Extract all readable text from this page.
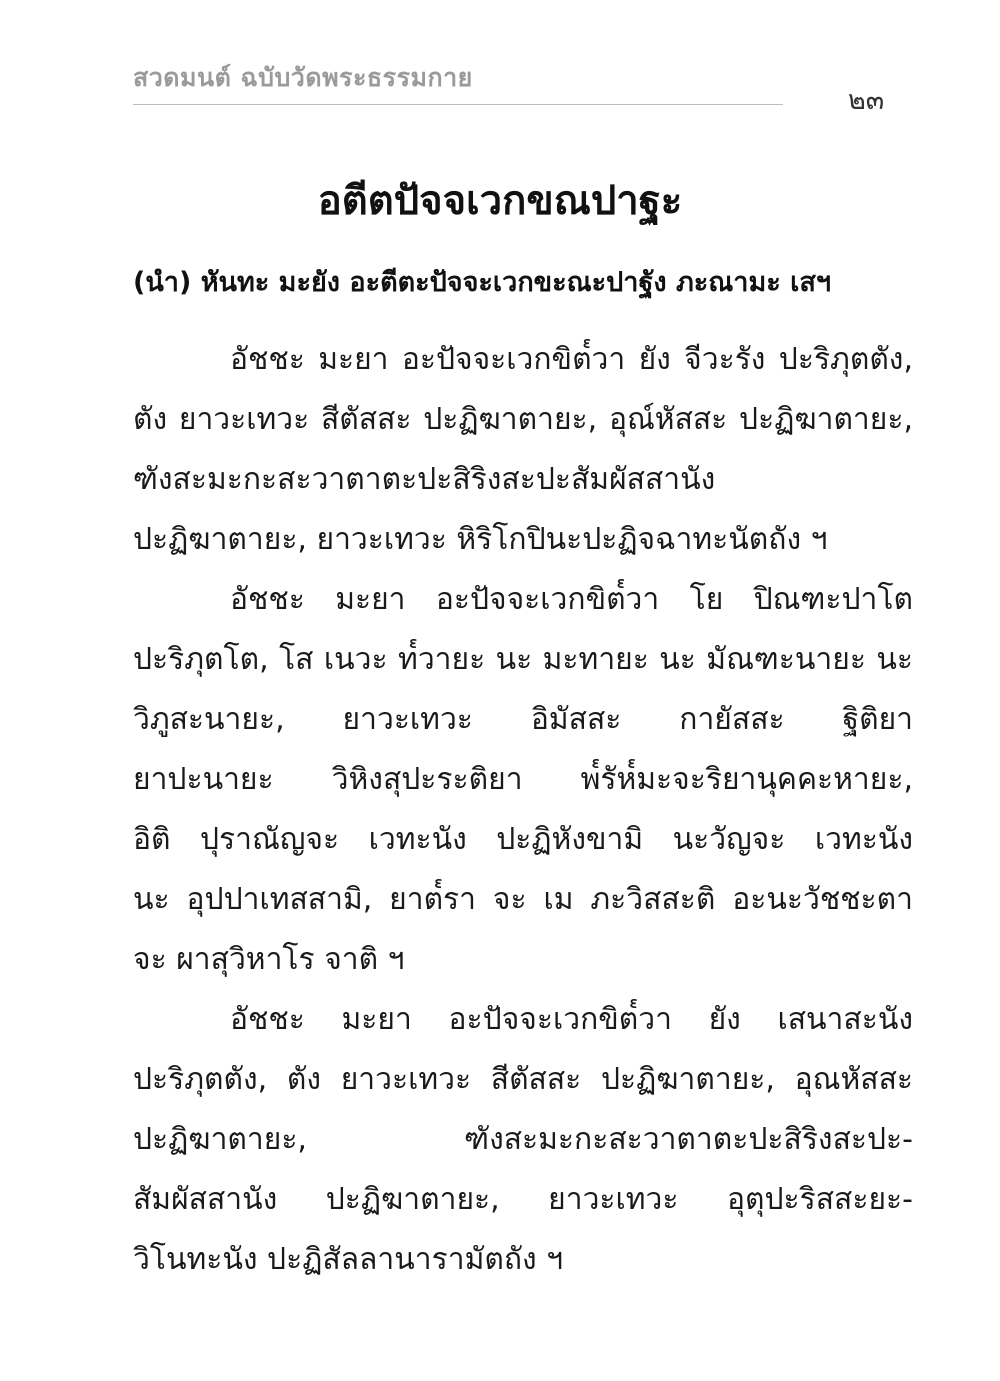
สวดมนต์ ฉบับวัดพระธรรมกาย
๒๓
อตีตปัจจเวกขณปาฐะ
(นำ) หันทะ มะยัง อะตีตะปัจจะเวกขะณะปาฐัง ภะณามะ เสฯ
อัชชะ มะยา อะปัจจะเวกขิต๎วา ยัง จีวะรัง ปะริภุตตัง,
ตัง ยาวะเทวะ สีตัสสะ ปะฏิฆาตายะ, อุณ์หัสสะ ปะฏิฆาตายะ,
ฑังสะมะกะสะวาตาตะปะสิริงสะปะสัมผัสสานัง
ปะฏิฆาตายะ, ยาวะเทวะ หิริโกปินะปะฏิจฉาทะนัตถัง ฯ
อัชชะ มะยา อะปัจจะเวกขิต๎วา โย ปิณฑะปาโต
ปะริภุตโต, โส เนวะ ท๎วายะ นะ มะทายะ นะ มัณฑะนายะ นะ
วิภูสะนายะ, ยาวะเทวะ อิมัสสะ กายัสสะ ฐิติยา
ยาปะนายะ วิหิงสุปะระติยา พ๎รัห๎มะจะริยานุคคะหายะ,
อิติ ปุราณัญจะ เวทะนัง ปะฏิหังขามิ นะวัญจะ เวทะนัง
นะ อุปปาเทสสามิ, ยาต๎รา จะ เม ภะวิสสะติ อะนะวัชชะตา
จะ ผาสุวิหาโร จาติ ฯ
อัชชะ มะยา อะปัจจะเวกขิต๎วา ยัง เสนาสะนัง
ปะริภุตตัง, ตัง ยาวะเทวะ สีตัสสะ ปะฏิฆาตายะ, อุณหัสสะ
ปะฏิฆาตายะ, ฑังสะมะกะสะวาตาตะปะสิริงสะปะ-
สัมผัสสานัง ปะฏิฆาตายะ, ยาวะเทวะ อุตุปะริสสะยะ-
วิโนทะนัง ปะฏิสัลลานารามัตถัง ฯ
